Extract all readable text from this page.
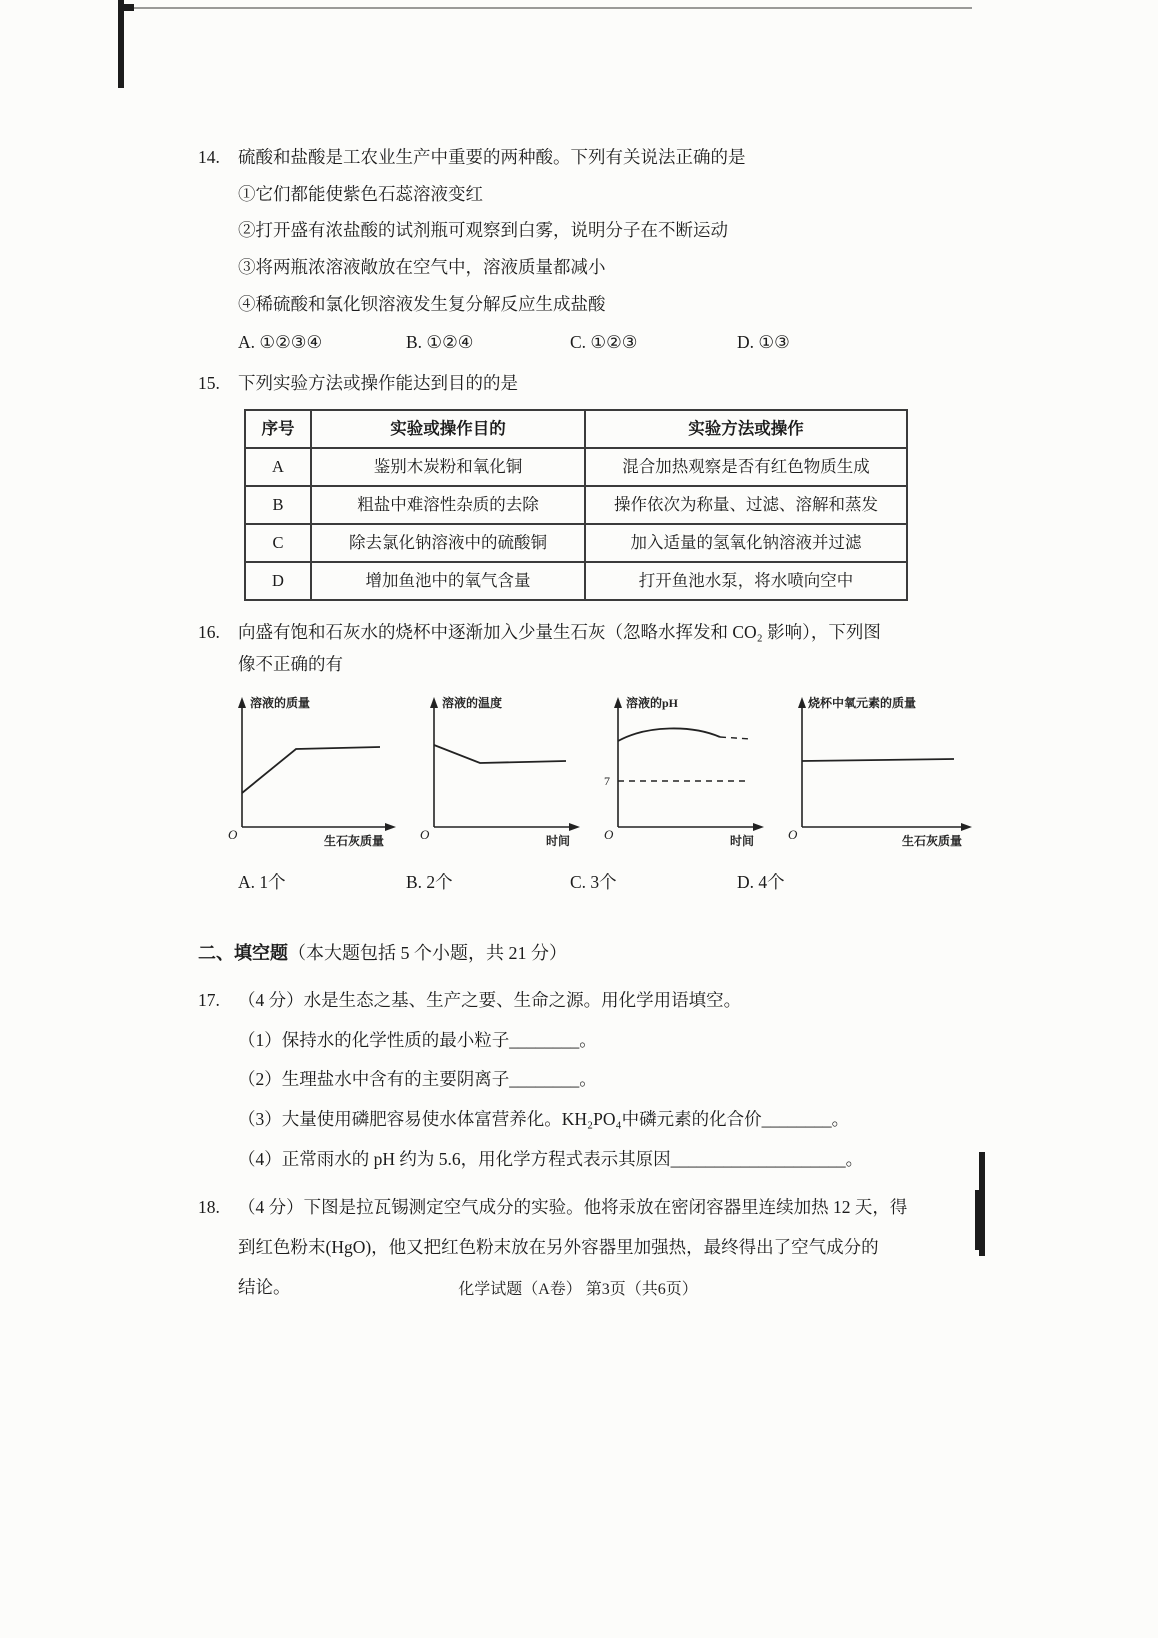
14.	硫酸和盐酸是工农业生产中重要的两种酸。下列有关说法正确的是
①它们都能使紫色石蕊溶液变红
②打开盛有浓盐酸的试剂瓶可观察到白雾，说明分子在不断运动
③将两瓶浓溶液敞放在空气中，溶液质量都减小
④稀硫酸和氯化钡溶液发生复分解反应生成盐酸
A. ①②③④	B. ①②④	C. ①②③	D. ①③
15.	下列实验方法或操作能达到目的的是
序号	实验或操作目的	实验方法或操作
A	鉴别木炭粉和氧化铜	混合加热观察是否有红色物质生成
B	粗盐中难溶性杂质的去除	操作依次为称量、过滤、溶解和蒸发
C	除去氯化钠溶液中的硫酸铜	加入适量的氢氧化钠溶液并过滤
D	增加鱼池中的氧气含量	打开鱼池水泵，将水喷向空中
16.	向盛有饱和石灰水的烧杯中逐渐加入少量生石灰（忽略水挥发和 CO₂ 影响），下列图
像不正确的有
溶液的质量
O	生石灰质量
溶液的温度
O	时间
溶液的pH
7
O	时间
烧杯中氧元素的质量
O	生石灰质量
A. 1个	B. 2个	C. 3个	D. 4个
二、填空题（本大题包括 5 个小题，共 21 分）
17.	（4 分）水是生态之基、生产之要、生命之源。用化学用语填空。
（1）保持水的化学性质的最小粒子________。
（2）生理盐水中含有的主要阴离子________。
（3）大量使用磷肥容易使水体富营养化。KH₂PO₄中磷元素的化合价________。
（4）正常雨水的 pH 约为 5.6，用化学方程式表示其原因____________________。
18.	（4 分）下图是拉瓦锡测定空气成分的实验。他将汞放在密闭容器里连续加热 12 天，得
到红色粉末(HgO)，他又把红色粉末放在另外容器里加强热，最终得出了空气成分的
结论。	化学试题（A卷） 第3页（共6页）
